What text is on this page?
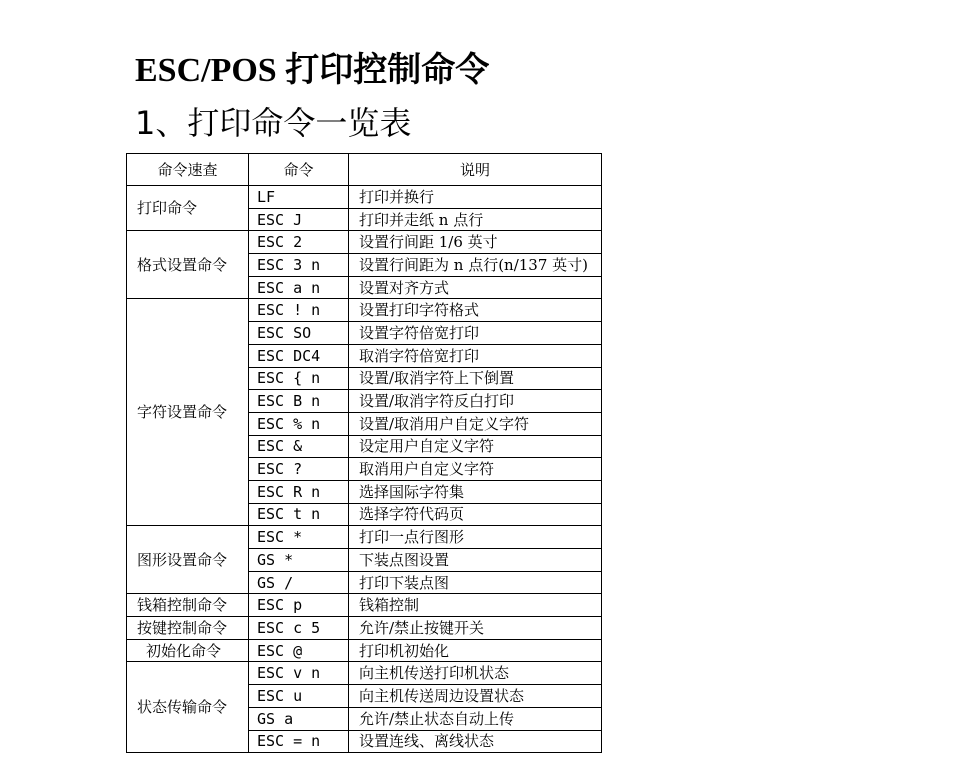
ESC/POS 打印控制命令
1、打印命令一览表
命令速查	命令	说明
打印命令	LF	打印并换行
	ESC J	打印并走纸 n 点行
格式设置命令	ESC 2	设置行间距 1/6 英寸
	ESC 3 n	设置行间距为 n 点行(n/137 英寸)
	ESC a n	设置对齐方式
字符设置命令	ESC ! n	设置打印字符格式
	ESC SO	设置字符倍宽打印
	ESC DC4	取消字符倍宽打印
	ESC { n	设置/取消字符上下倒置
	ESC B n	设置/取消字符反白打印
	ESC % n	设置/取消用户自定义字符
	ESC &	设定用户自定义字符
	ESC ?	取消用户自定义字符
	ESC R n	选择国际字符集
	ESC t n	选择字符代码页
图形设置命令	ESC *	打印一点行图形
	GS *	下装点图设置
	GS /	打印下装点图
钱箱控制命令	ESC p	钱箱控制
按键控制命令	ESC c 5	允许/禁止按键开关
初始化命令	ESC @	打印机初始化
状态传输命令	ESC v n	向主机传送打印机状态
	ESC u	向主机传送周边设置状态
	GS a	允许/禁止状态自动上传
	ESC = n	设置连线、离线状态
